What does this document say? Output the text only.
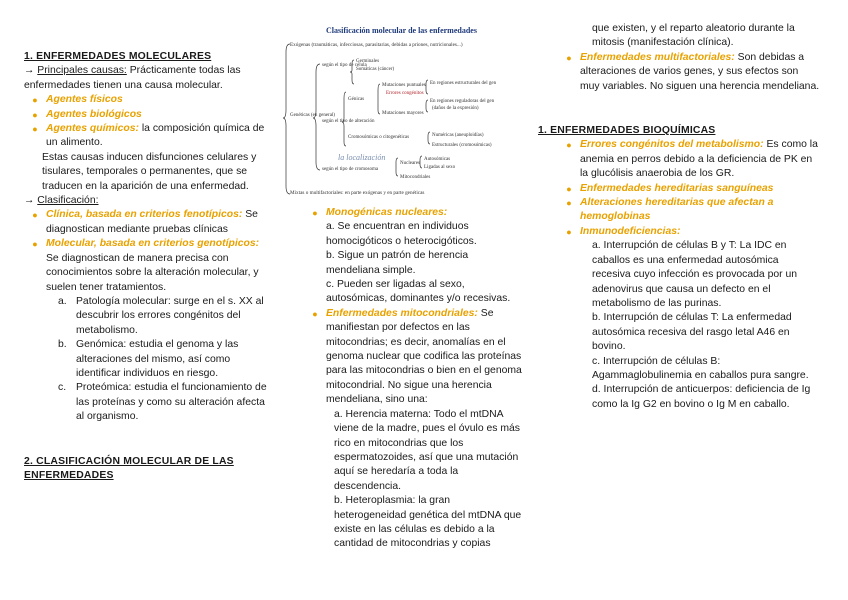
1. ENFERMEDADES MOLECULARES
→ Principales causas: Prácticamente todas las enfermedades tienen una causa molecular.
● Agentes físicos
● Agentes biológicos
● Agentes químicos: la composición química de un alimento.
Estas causas inducen disfunciones celulares y tisulares, temporales o permanentes, que se traducen en la aparición de una enfermedad.
→ Clasificación:
● Clínica, basada en criterios fenotípicos: Se diagnostican mediante pruebas clínicas
● Molecular, basada en criterios genotípicos: Se diagnostican de manera precisa con conocimientos sobre la alteración molecular, y suelen tener tratamientos.
a. Patología molecular: surge en el s. XX al descubrir los errores congénitos del metabolismo.
b. Genómica: estudia el genoma y las alteraciones del mismo, así como identificar individuos en riesgo.
c. Proteómica: estudia el funcionamiento de las proteínas y como su alteración afecta al organismo.
2. CLASIFICACIÓN MOLECULAR DE LAS ENFERMEDADES
Clasificación molecular de las enfermedades
Exógenas (traumáticas, infecciosas, parasitarias, debidas a priones, nutricionales...)
Genéticas (en general)
según el tipo de célula
Germinales
Somáticas (cáncer)
según el tipo de alteración
Génicas
Mutaciones puntuales
Errores congénitos
Mutaciones mayores
En regiones estructurales del gen
En regiones reguladoras del gen
(daños de la expresión)
Cromosómicas o citogenéticas	Numéricas (aneuploidías)
Estructurales (cromosómicas)
la localización
según el tipo de cromosoma
Nucleares
Autosómicas
Ligadas al sexo
Mitocondriales
Mixtas o multifactoriales: en parte exógenas y en parte genéticas
● Monogénicas nucleares:
a. Se encuentran en individuos homocigóticos o heterocigóticos.
b. Sigue un patrón de herencia mendeliana simple.
c. Pueden ser ligadas al sexo, autosómicas, dominantes y/o recesivas.
● Enfermedades mitocondriales: Se manifiestan por defectos en las mitocondrias; es decir, anomalías en el genoma nuclear que codifica las proteínas para las mitocondrias o bien en el genoma mitocondrial. No sigue una herencia mendeliana, sino una:
a. Herencia materna: Todo el mtDNA viene de la madre, pues el óvulo es más rico en mitocondrias que los espermatozoides, así que una mutación aquí se heredaría a toda la descendencia.
b. Heteroplasmia: la gran heterogeneidad genética del mtDNA que existe en las células es debido a la cantidad de mitocondrias y copias
que existen, y el reparto aleatorio durante la mitosis (manifestación clínica).
● Enfermedades multifactoriales: Son debidas a alteraciones de varios genes, y sus efectos son muy variables. No siguen una herencia mendeliana.
1. ENFERMEDADES BIOQUÍMICAS
● Errores congénitos del metabolismo: Es como la anemia en perros debido a la deficiencia de PK en la glucólisis anaerobia de los GR.
● Enfermedades hereditarias sanguíneas
● Alteraciones hereditarias que afectan a hemoglobinas
● Inmunodeficiencias:
a. Interrupción de células B y T: La IDC en caballos es una enfermedad autosómica recesiva cuyo infección es provocada por un adenovirus que causa un defecto en el metabolismo de las purinas.
b. Interrupción de células T: La enfermedad autosómica recesiva del rasgo letal A46 en bovino.
c. Interrupción de células B: Agammaglobulinemia en caballos pura sangre.
d. Interrupción de anticuerpos: deficiencia de Ig como la Ig G2 en bovino o Ig M en caballo.
